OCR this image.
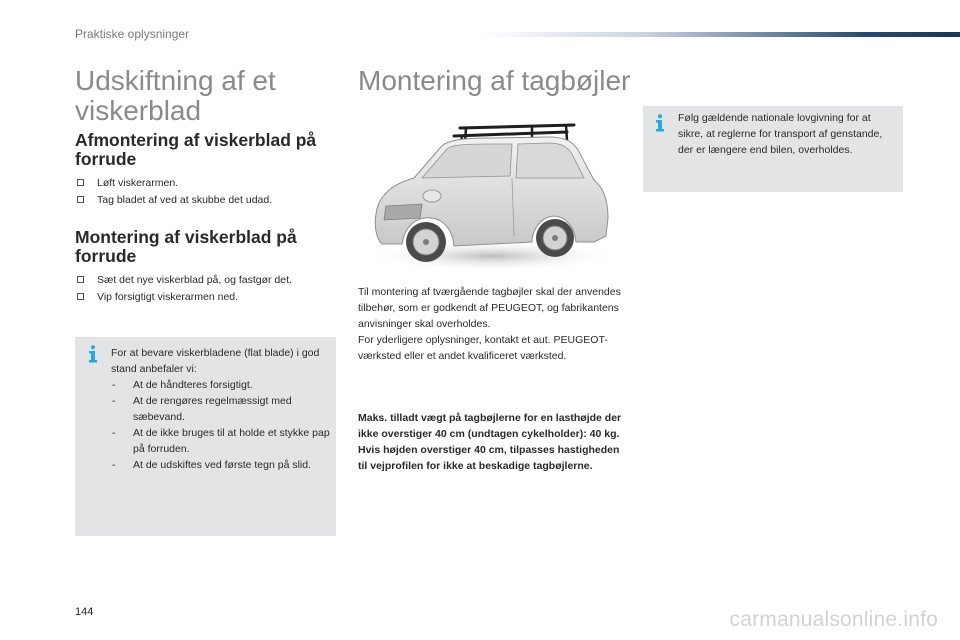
Praktiske oplysninger
Udskiftning af et viskerblad
Afmontering af viskerblad på forrude
Løft viskerarmen.
Tag bladet af ved at skubbe det udad.
Montering af viskerblad på forrude
Sæt det nye viskerblad på, og fastgør det.
Vip forsigtigt viskerarmen ned.
For at bevare viskerbladene (flat blade) i god stand anbefaler vi:
- At de håndteres forsigtigt.
- At de rengøres regelmæssigt med sæbevand.
- At de ikke bruges til at holde et stykke pap på forruden.
- At de udskiftes ved første tegn på slid.
Montering af tagbøjler

Til montering af tværgående tagbøjler skal der anvendes tilbehør, som er godkendt af PEUGEOT, og fabrikantens anvisninger skal overholdes.

For yderligere oplysninger, kontakt et aut. PEUGEOT-værksted eller et andet kvalificeret værksted.

Maks. tilladt vægt på tagbøjlerne for en lasthøjde der ikke overstiger 40 cm (undtagen cykelholder): 40 kg.

Hvis højden overstiger 40 cm, tilpasses hastigheden til vejprofilen for ikke at beskadige tagbøjlerne.

Følg gældende nationale lovgivning for at sikre, at reglerne for transport af genstande, der er længere end bilen, overholdes.
144	carmanualsonline.info
